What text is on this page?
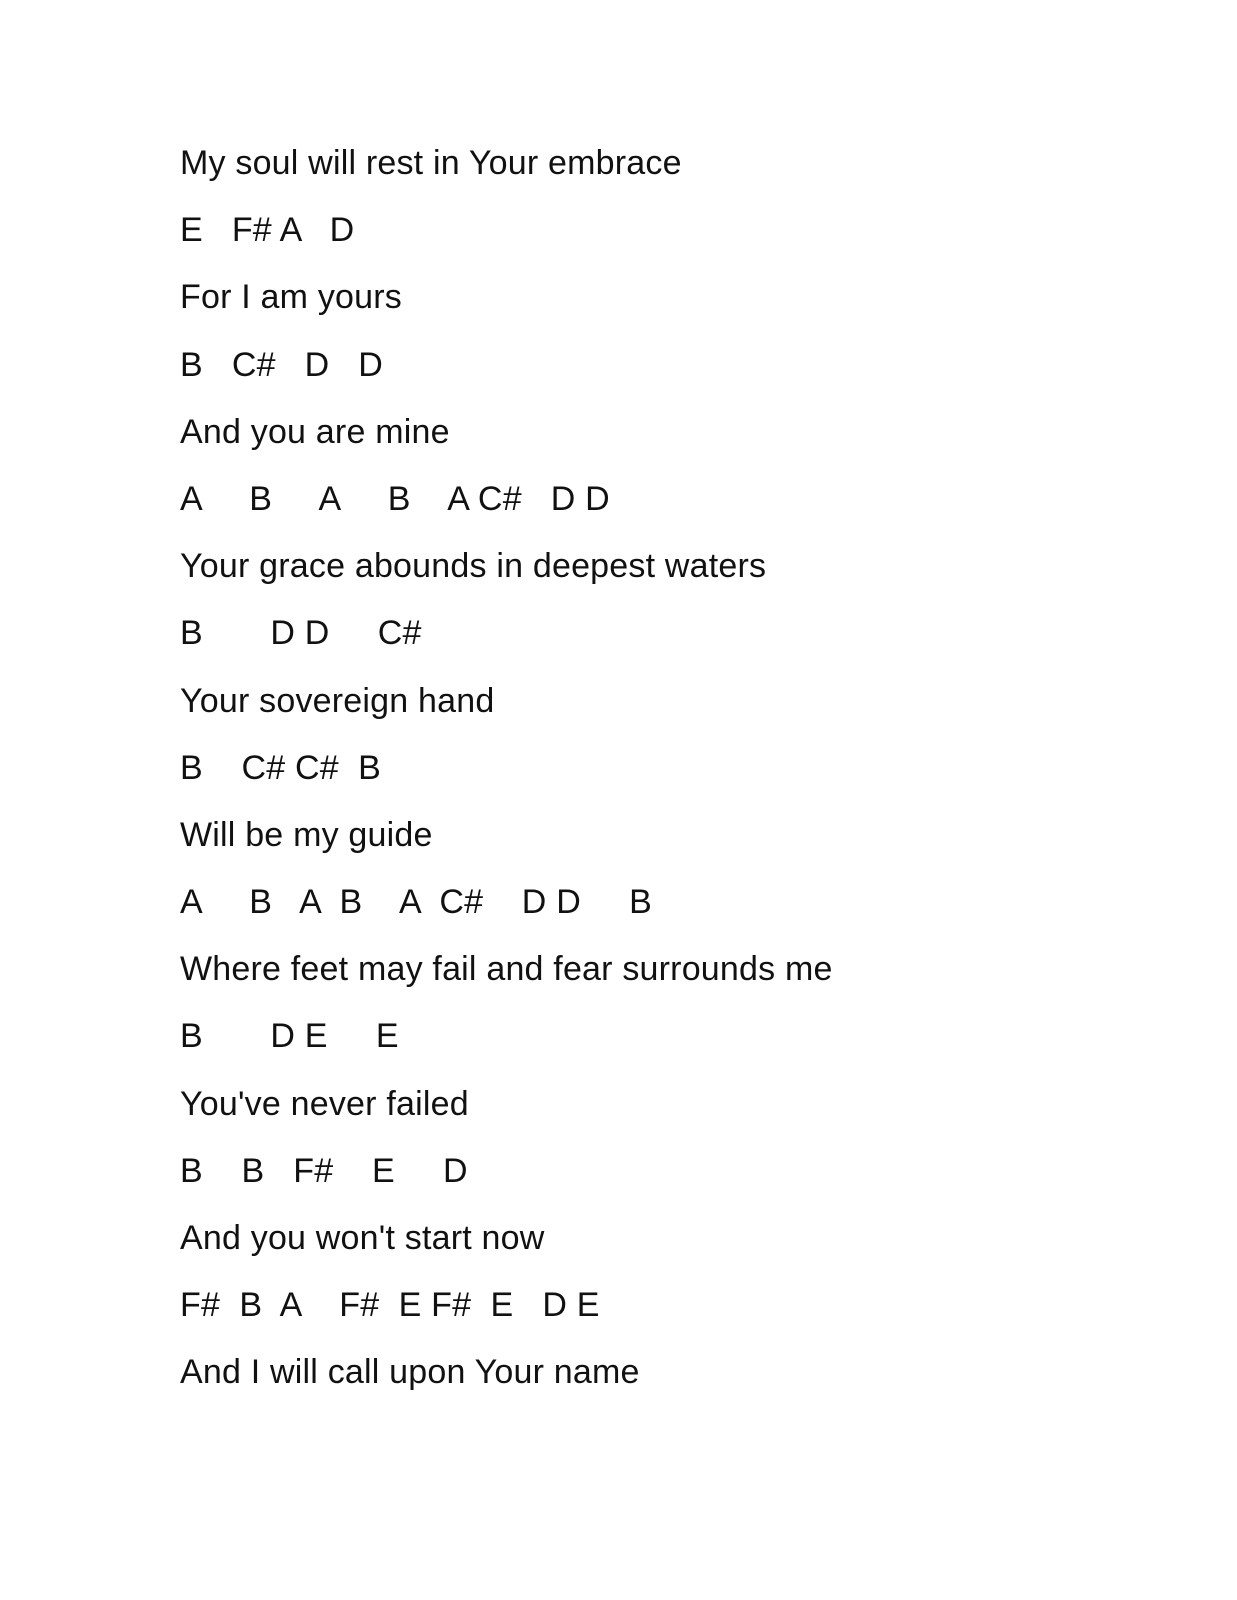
My soul will rest in Your embrace
E   F# A   D
For I am yours
B   C#   D   D
And you are mine
A     B     A     B    A C#   D D
Your grace abounds in deepest waters
B       D D     C#
Your sovereign hand
B    C# C#  B
Will be my guide
A     B   A  B    A  C#    D D     B
Where feet may fail and fear surrounds me
B       D E     E
You've never failed
B    B   F#    E     D
And you won't start now
F#  B  A    F#  E F#  E   D E
And I will call upon Your name
